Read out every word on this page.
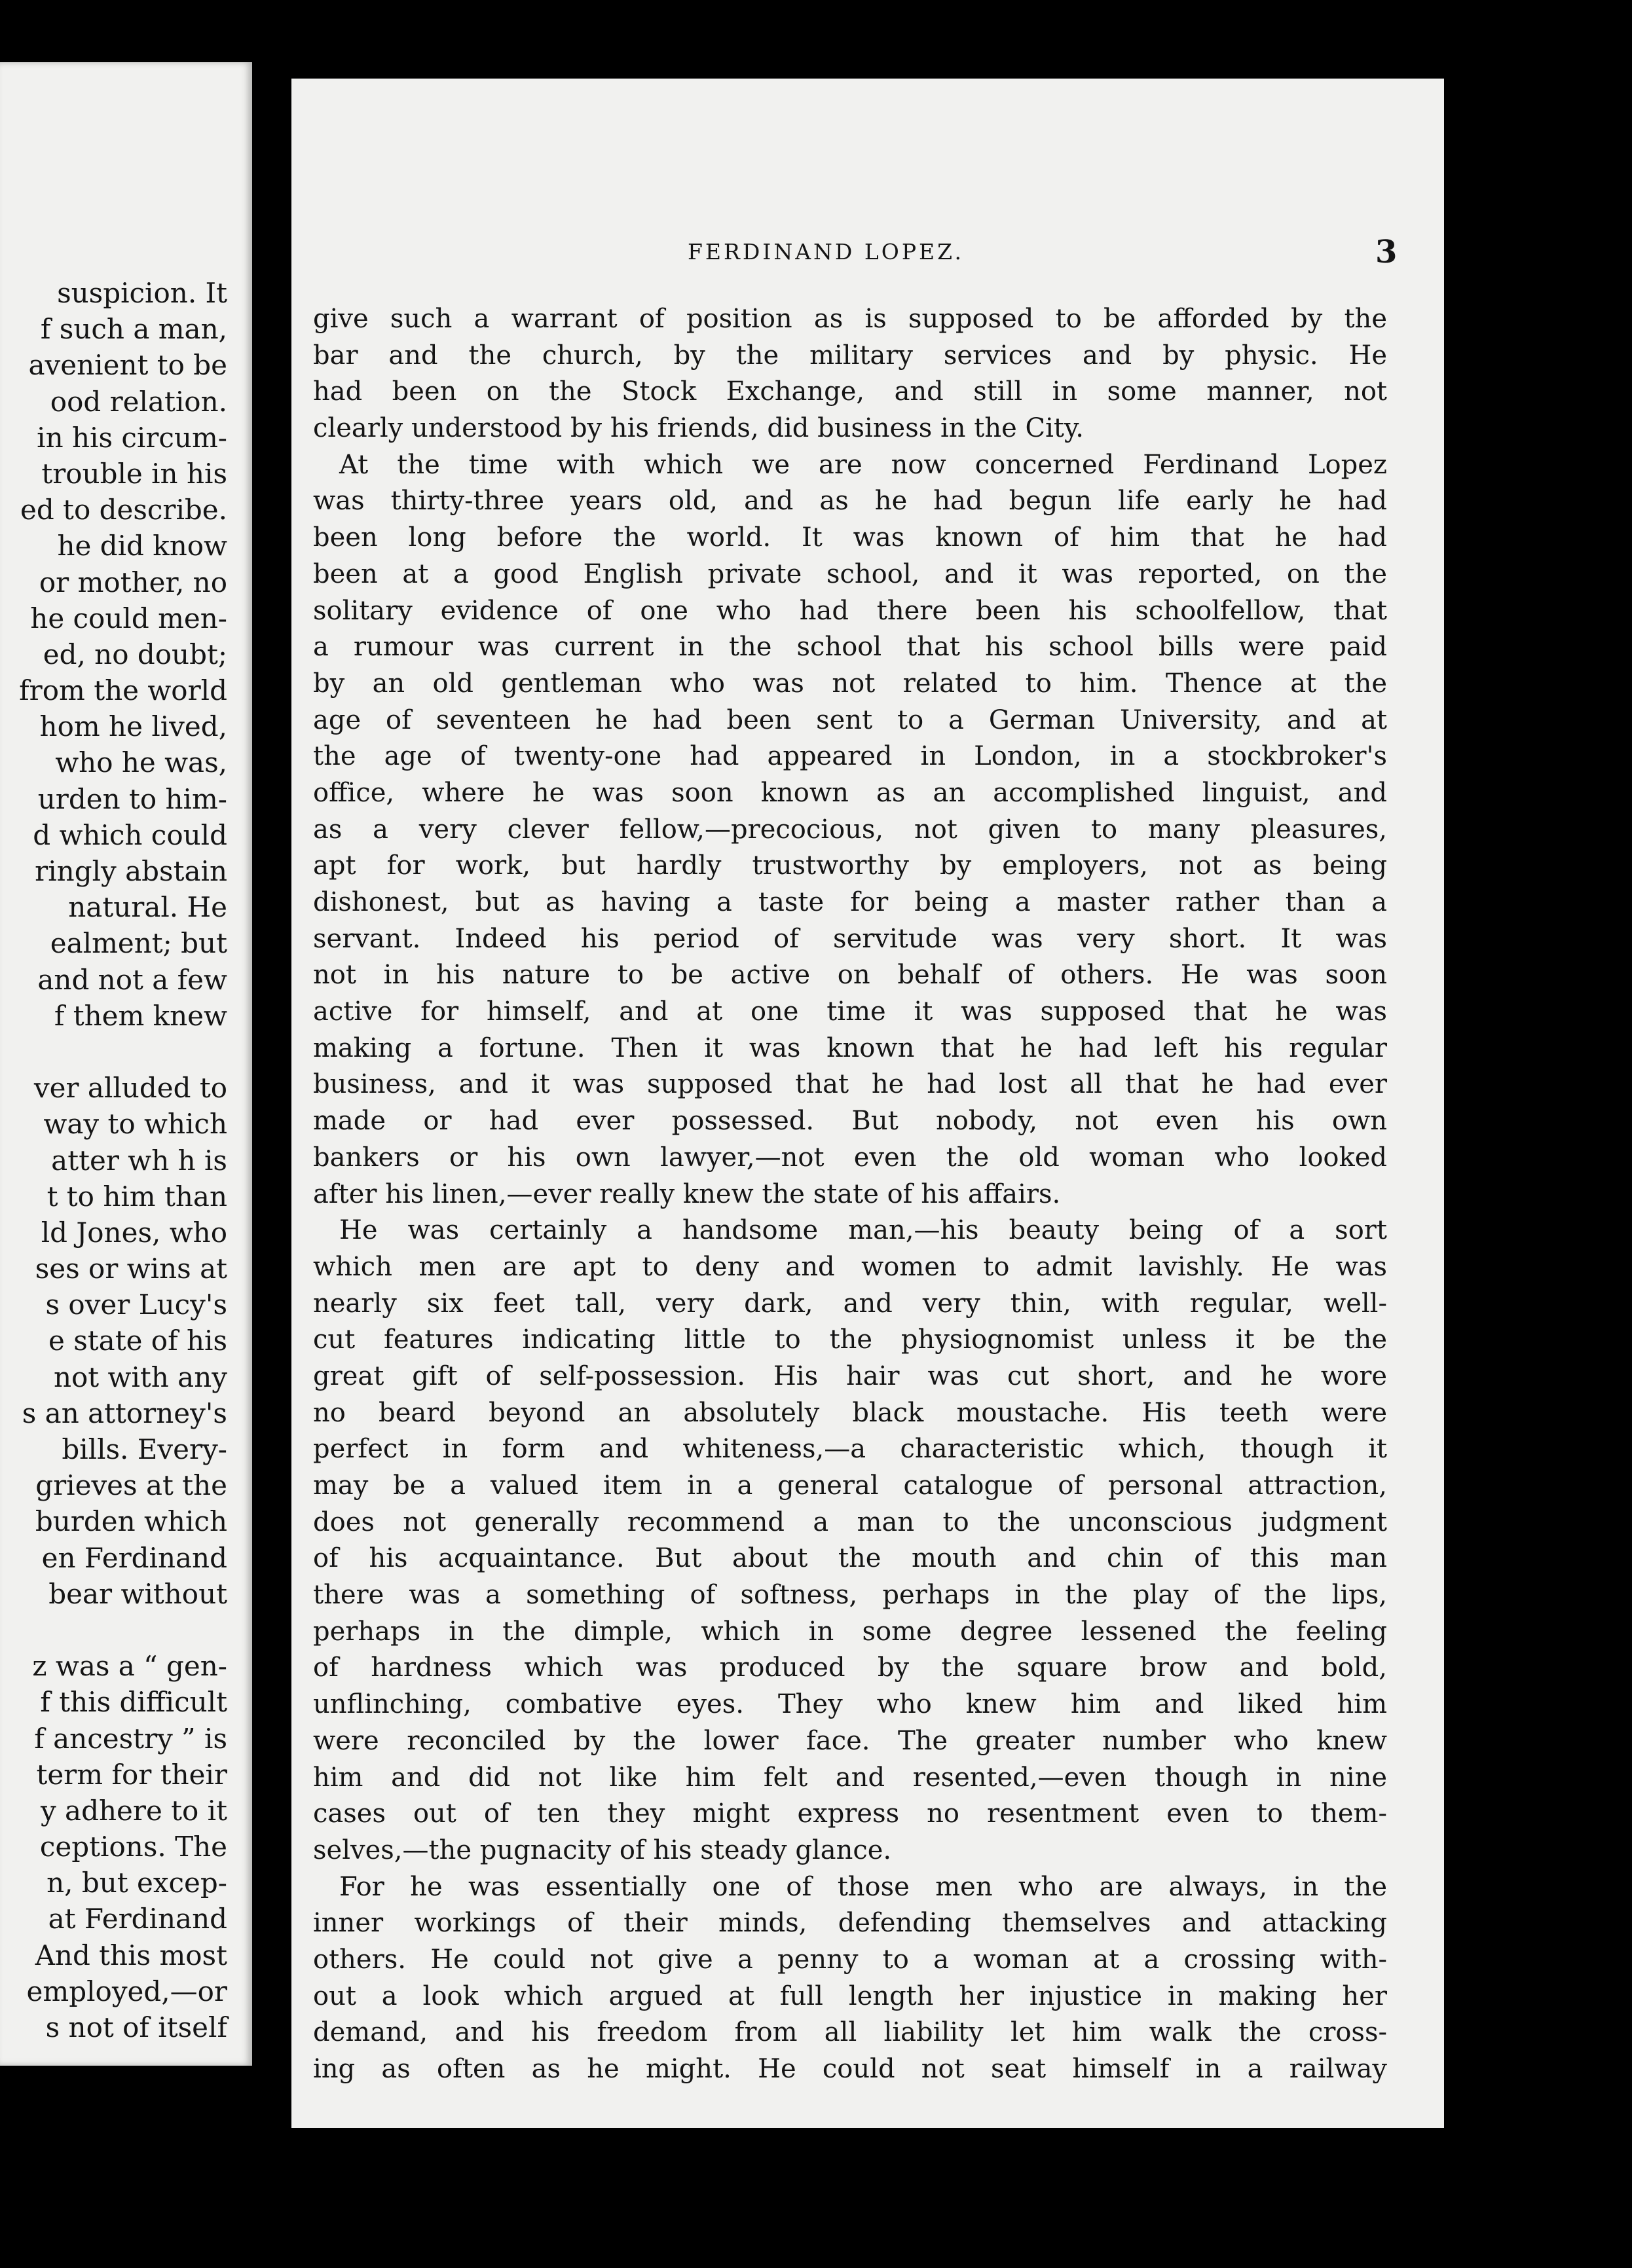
suspicion. It
f such a man,
avenient to be
ood relation.
in his circum-
trouble in his
ed to describe.
he did know
or mother, no
he could men-
ed, no doubt;
from the world
hom he lived,
who he was,
urden to him-
d which could
ringly abstain
natural. He
ealment; but
and not a few
f them knew
ver alluded to
way to which
atter wh h is
t to him than
ld Jones, who
ses or wins at
s over Lucy's
e state of his
not with any
s an attorney's
bills. Every-
grieves at the
burden which
en Ferdinand
bear without
z was a “ gen-
f this difficult
f ancestry ” is
term for their
y adhere to it
ceptions. The
n, but excep-
at Ferdinand
And this most
employed,—or
s not of itself
FERDINAND LOPEZ.	3
give such a warrant of position as is supposed to be afforded by the
bar and the church, by the military services and by physic. He
had been on the Stock Exchange, and still in some manner, not
clearly understood by his friends, did business in the City.
At the time with which we are now concerned Ferdinand Lopez
was thirty-three years old, and as he had begun life early he had
been long before the world. It was known of him that he had
been at a good English private school, and it was reported, on the
solitary evidence of one who had there been his schoolfellow, that
a rumour was current in the school that his school bills were paid
by an old gentleman who was not related to him. Thence at the
age of seventeen he had been sent to a German University, and at
the age of twenty-one had appeared in London, in a stockbroker's
office, where he was soon known as an accomplished linguist, and
as a very clever fellow,—precocious, not given to many pleasures,
apt for work, but hardly trustworthy by employers, not as being
dishonest, but as having a taste for being a master rather than a
servant. Indeed his period of servitude was very short. It was
not in his nature to be active on behalf of others. He was soon
active for himself, and at one time it was supposed that he was
making a fortune. Then it was known that he had left his regular
business, and it was supposed that he had lost all that he had ever
made or had ever possessed. But nobody, not even his own
bankers or his own lawyer,—not even the old woman who looked
after his linen,—ever really knew the state of his affairs.
He was certainly a handsome man,—his beauty being of a sort
which men are apt to deny and women to admit lavishly. He was
nearly six feet tall, very dark, and very thin, with regular, well-
cut features indicating little to the physiognomist unless it be the
great gift of self-possession. His hair was cut short, and he wore
no beard beyond an absolutely black moustache. His teeth were
perfect in form and whiteness,—a characteristic which, though it
may be a valued item in a general catalogue of personal attraction,
does not generally recommend a man to the unconscious judgment
of his acquaintance. But about the mouth and chin of this man
there was a something of softness, perhaps in the play of the lips,
perhaps in the dimple, which in some degree lessened the feeling
of hardness which was produced by the square brow and bold,
unflinching, combative eyes. They who knew him and liked him
were reconciled by the lower face. The greater number who knew
him and did not like him felt and resented,—even though in nine
cases out of ten they might express no resentment even to them-
selves,—the pugnacity of his steady glance.
For he was essentially one of those men who are always, in the
inner workings of their minds, defending themselves and attacking
others. He could not give a penny to a woman at a crossing with-
out a look which argued at full length her injustice in making her
demand, and his freedom from all liability let him walk the cross-
ing as often as he might. He could not seat himself in a railway
